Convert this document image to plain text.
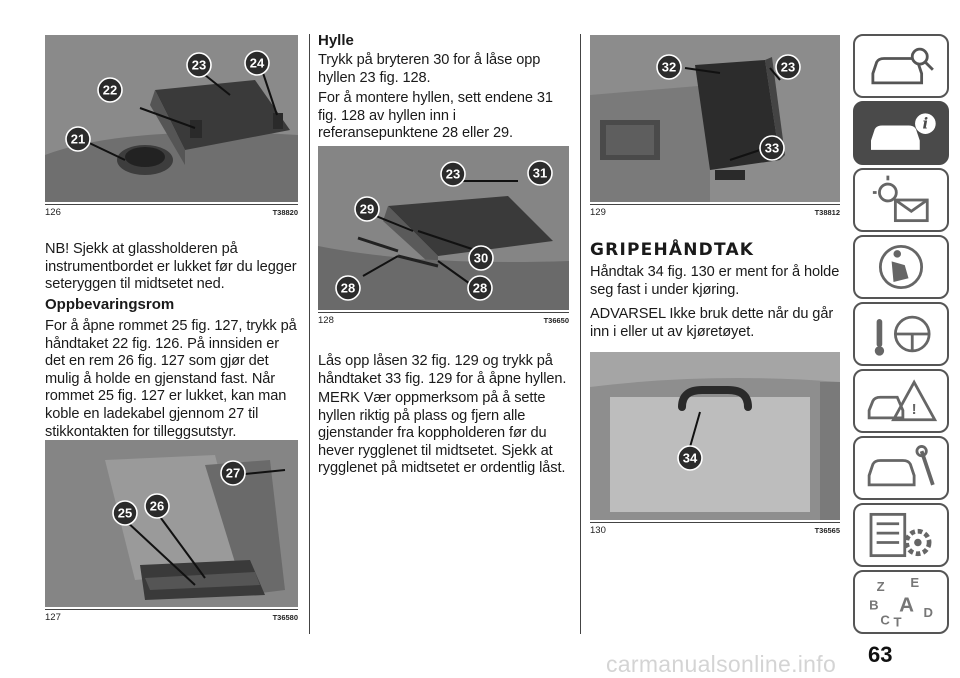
23	24
22
21
126	T38820

NB! Sjekk at glassholderen på instrumentbordet er lukket før du legger seteryggen til midtsetet ned.

Oppbevaringsrom

For å åpne rommet 25 fig. 127, trykk på håndtaket 22 fig. 126. På innsiden er det en rem 26 fig. 127 som gjør det mulig å holde en gjenstand fast. Når rommet 25 fig. 127 er lukket, kan man koble en ladekabel gjennom 27 til stikkontakten for tilleggsutstyr.

27
26
25
127	T36580

Hylle

Trykk på bryteren 30 for å låse opp hyllen 23 fig. 128.

For å montere hyllen, sett endene 31 fig. 128 av hyllen inn i referansepunktene 28 eller 29.

23	31
29
30
28	28
128	T36650

Lås opp låsen 32 fig. 129 og trykk på håndtaket 33 fig. 129 for å åpne hyllen.

MERK Vær oppmerksom på å sette hyllen riktig på plass og fjern alle gjenstander fra koppholderen før du hever rygglenet til midtsetet. Sjekk at rygglenet på midtsetet er ordentlig låst.

32	23
33
129	T38812

GRIPEHÅNDTAK

Håndtak 34 fig. 130 er ment for å holde seg fast i under kjøring.

ADVARSEL Ikke bruk dette når du går inn i eller ut av kjøretøyet.

34
130	T36565
i
!
Z E
A
B
C T
D
63
carmanualsonline.info
